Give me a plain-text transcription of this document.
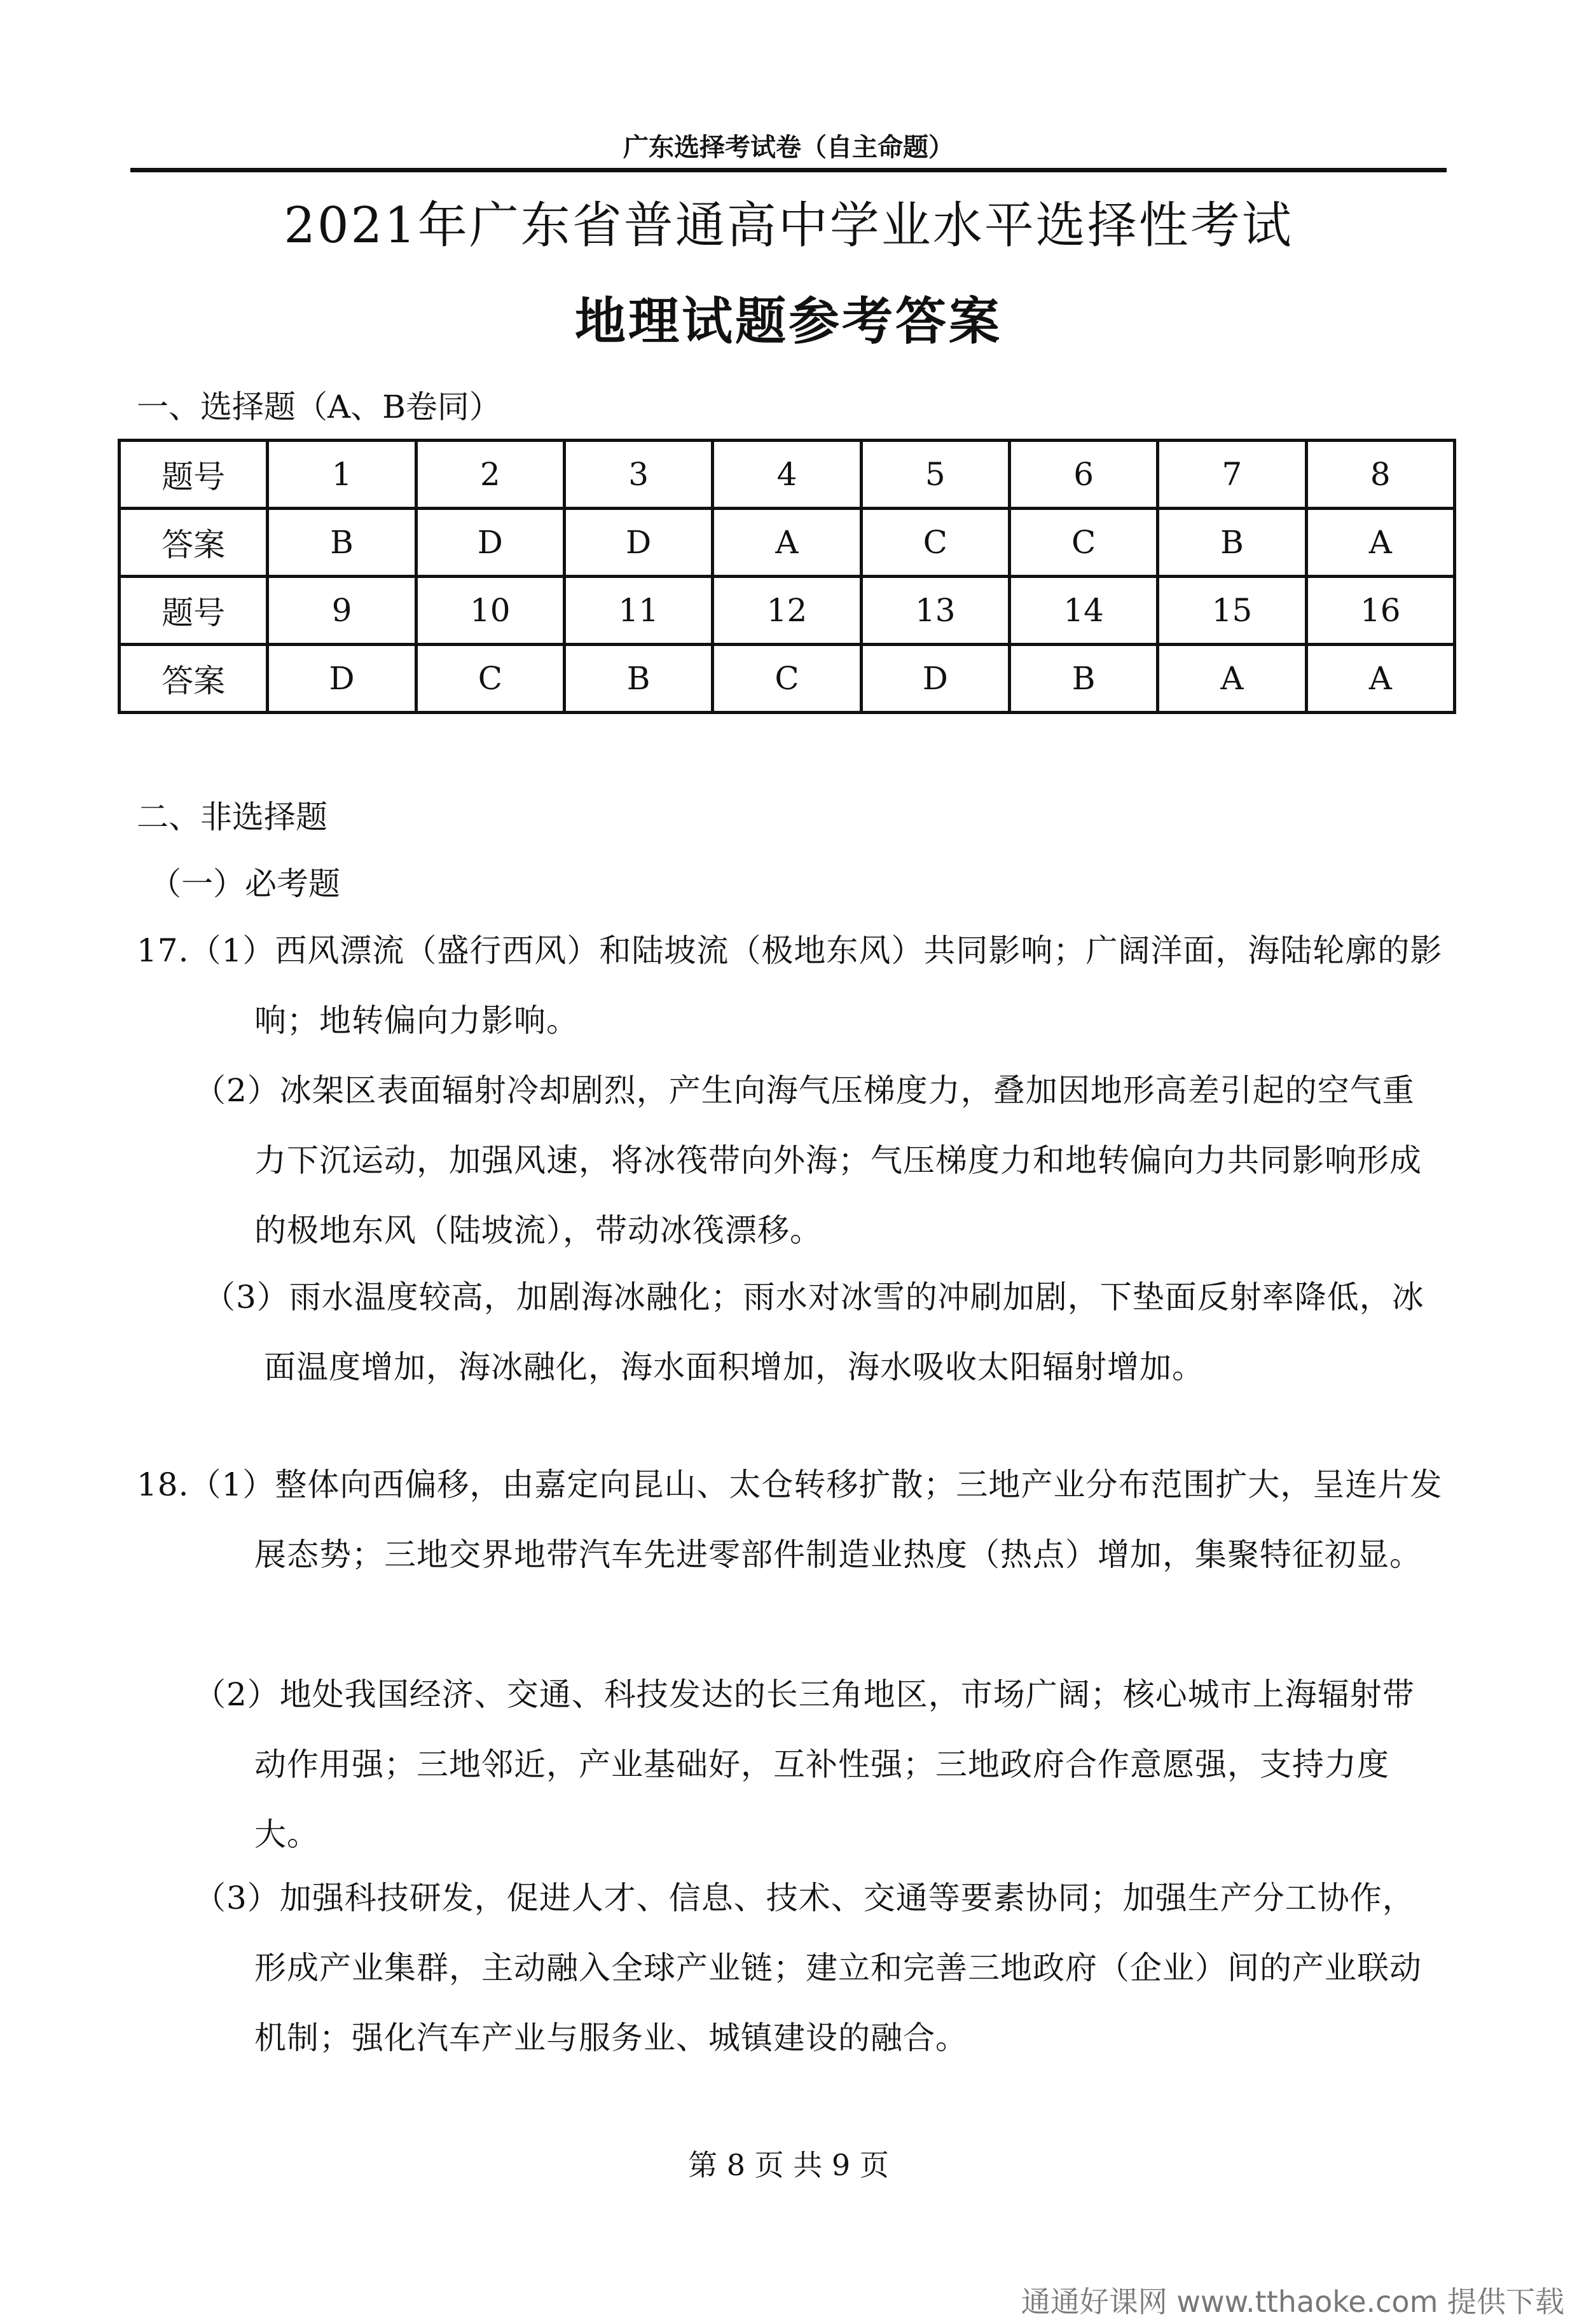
广东选择考试卷（自主命题）
2021年广东省普通高中学业水平选择性考试
地理试题参考答案
一、选择题（A、B卷同）
题号	1	2	3	4	5	6	7	8
答案	B	D	D	A	C	C	B	A
题号	9	10	11	12	13	14	15	16
答案	D	C	B	C	D	B	A	A
二、非选择题
（一）必考题
17.（1）西风漂流（盛行西风）和陆坡流（极地东风）共同影响；广阔洋面，海陆轮廓的影响；地转偏向力影响。
（2）冰架区表面辐射冷却剧烈，产生向海气压梯度力，叠加因地形高差引起的空气重力下沉运动，加强风速，将冰筏带向外海；气压梯度力和地转偏向力共同影响形成的极地东风（陆坡流），带动冰筏漂移。
（3）雨水温度较高，加剧海冰融化；雨水对冰雪的冲刷加剧，下垫面反射率降低，冰面温度增加，海冰融化，海水面积增加，海水吸收太阳辐射增加。
18.（1）整体向西偏移，由嘉定向昆山、太仓转移扩散；三地产业分布范围扩大，呈连片发展态势；三地交界地带汽车先进零部件制造业热度（热点）增加，集聚特征初显。
（2）地处我国经济、交通、科技发达的长三角地区，市场广阔；核心城市上海辐射带动作用强；三地邻近，产业基础好，互补性强；三地政府合作意愿强，支持力度大。
（3）加强科技研发，促进人才、信息、技术、交通等要素协同；加强生产分工协作，形成产业集群，主动融入全球产业链；建立和完善三地政府（企业）间的产业联动机制；强化汽车产业与服务业、城镇建设的融合。
第 8 页 共 9 页
通通好课网 www.tthaoke.com 提供下载
